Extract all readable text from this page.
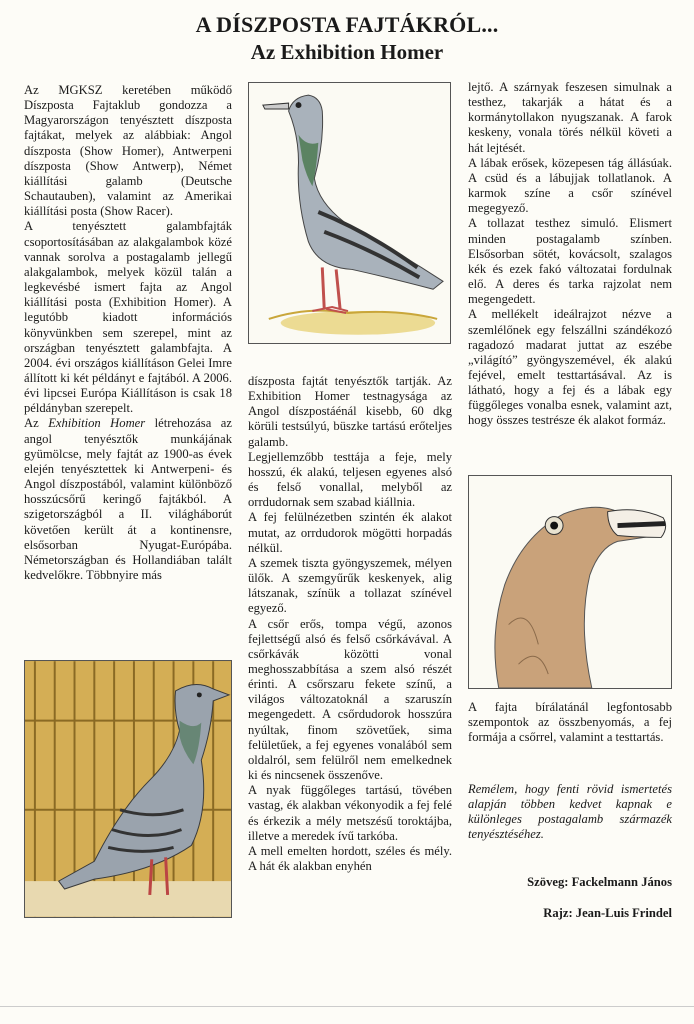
A DÍSZPOSTA FAJTÁKRÓL...
Az Exhibition Homer

Az MGKSZ keretében működő Díszposta Fajtaklub gondozza a Magyarországon tenyésztett díszposta fajtákat, melyek az alábbiak: Angol díszposta (Show Homer), Antwerpeni díszposta (Show Antwerp), Német kiállítási galamb (Deutsche Schautauben), valamint az Amerikai kiállítási posta (Show Racer).

A tenyésztett galambfajták csoportosításában az alakgalambok közé vannak sorolva a postagalamb jellegű alakgalambok, melyek közül talán a legkevésbé ismert fajta az Angol kiállítási posta (Exhibition Homer). A legutóbb kiadott információs könyvünkben sem szerepel, mint az országban tenyésztett galambfajta. A 2004. évi országos kiállításon Gelei Imre állított ki két példányt e fajtából. A 2006. évi lipcsei Európa Kiállításon is csak 18 példányban szerepelt.

Az Exhibition Homer létrehozása az angol tenyésztők munkájának gyümölcse, mely fajtát az 1900-as évek elején tenyésztettek ki Antwerpeni- és Angol díszpostából, valamint különböző hosszúcsőrű keringő fajtákból. A szigetországból a II. világháborút követően került át a kontinensre, elsősorban Nyugat-Európába. Németországban és Hollandiában talált kedvelőkre. Többnyire más

díszposta fajtát tenyésztők tartják. Az Exhibition Homer testnagysága az Angol díszpostáénál kisebb, 60 dkg körüli testsúlyú, büszke tartású erőteljes galamb.

Legjellemzőbb testtája a feje, mely hosszú, ék alakú, teljesen egyenes alsó és felső vonallal, melyből az orrdudornak sem szabad kiállnia.

A fej felülnézetben szintén ék alakot mutat, az orrdudorok mögötti horpadás nélkül.

A szemek tiszta gyöngyszemek, mélyen ülők. A szemgyűrűk keskenyek, alig látszanak, színük a tollazat színével egyező.

A csőr erős, tompa végű, azonos fejlettségű alsó és felső csőrkávával. A csőrkávák közötti vonal meghosszabbítása a szem alsó részét érinti. A csőrszaru fekete színű, a világos változatoknál a szaruszín megengedett. A csőrdudorok hosszúra nyúltak, finom szövetűek, sima felületűek, a fej egyenes vonalából sem oldalról, sem felülről nem emelkednek ki és nincsenek összenőve.

A nyak függőleges tartású, tövében vastag, ék alakban vékonyodik a fej felé és érkezik a mély metszésű toroktájba, illetve a meredek ívű tarkóba.

A mell emelten hordott, széles és mély. A hát ék alakban enyhén

lejtő. A szárnyak feszesen simulnak a testhez, takarják a hátat és a kormánytollakon nyugszanak. A farok keskeny, vonala törés nélkül követi a hát lejtését.

A lábak erősek, közepesen tág állásúak. A csüd és a lábujjak tollatlanok. A karmok színe a csőr színével megegyező.

A tollazat testhez simuló. Elismert minden postagalamb színben. Elsősorban sötét, kovácsolt, szalagos kék és ezek fakó változatai fordulnak elő. A deres és tarka rajzolat nem megengedett.

A mellékelt ideálrajzot nézve a szemlélőnek egy felszállni szándékozó ragadozó madarat juttat az eszébe „világító” gyöngyszemével, ék alakú fejével, emelt testtartásával. Az is látható, hogy a fej és a lábak egy függőleges vonalba esnek, valamint azt, hogy összes testrésze ék alakot formáz.

A fajta bírálatánál legfontosabb szempontok az összbenyomás, a fej formája a csőrrel, valamint a testtartás.

Remélem, hogy fenti rövid ismertetés alapján többen kedvet kapnak e különleges postagalamb származék tenyésztéséhez.

Szöveg: Fackelmann János
Rajz: Jean-Luis Frindel
